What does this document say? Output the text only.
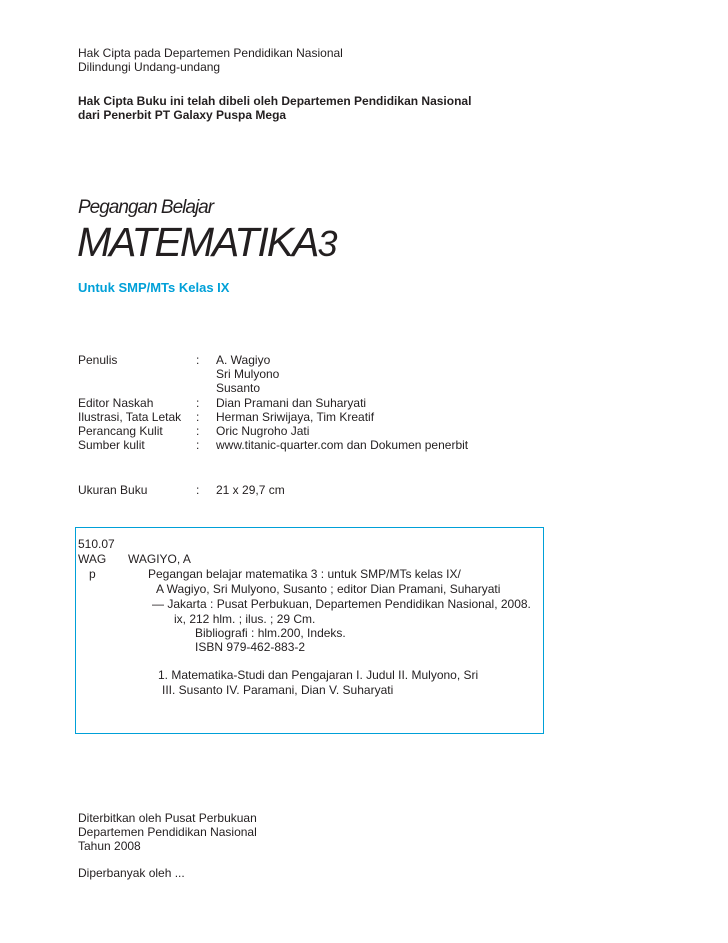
Hak Cipta pada Departemen Pendidikan Nasional
Dilindungi Undang-undang
Hak Cipta Buku ini telah dibeli oleh Departemen Pendidikan Nasional
dari Penerbit PT Galaxy Puspa Mega
Pegangan Belajar
MATEMATIKA3
Untuk SMP/MTs Kelas IX
Penulis	: A. Wagiyo
Sri Mulyono
Susanto
Editor Naskah	: Dian Pramani dan Suharyati
Ilustrasi, Tata Letak : Herman Sriwijaya, Tim Kreatif
Perancang Kulit	: Oric Nugroho Jati
Sumber kulit	: www.titanic-quarter.com dan Dokumen penerbit
Ukuran Buku	: 21 x 29,7 cm
510.07
WAG WAGIYO, A
p	Pegangan belajar matematika 3 : untuk SMP/MTs kelas IX/
A Wagiyo, Sri Mulyono, Susanto ; editor Dian Pramani, Suharyati
— Jakarta : Pusat Perbukuan, Departemen Pendidikan Nasional, 2008.
ix, 212 hlm. ; ilus. ; 29 Cm.
Bibliografi : hlm.200, Indeks.
ISBN 979-462-883-2
1. Matematika-Studi dan Pengajaran I. Judul II. Mulyono, Sri
III. Susanto IV. Paramani, Dian V. Suharyati
Diterbitkan oleh Pusat Perbukuan
Departemen Pendidikan Nasional
Tahun 2008
Diperbanyak oleh ...
